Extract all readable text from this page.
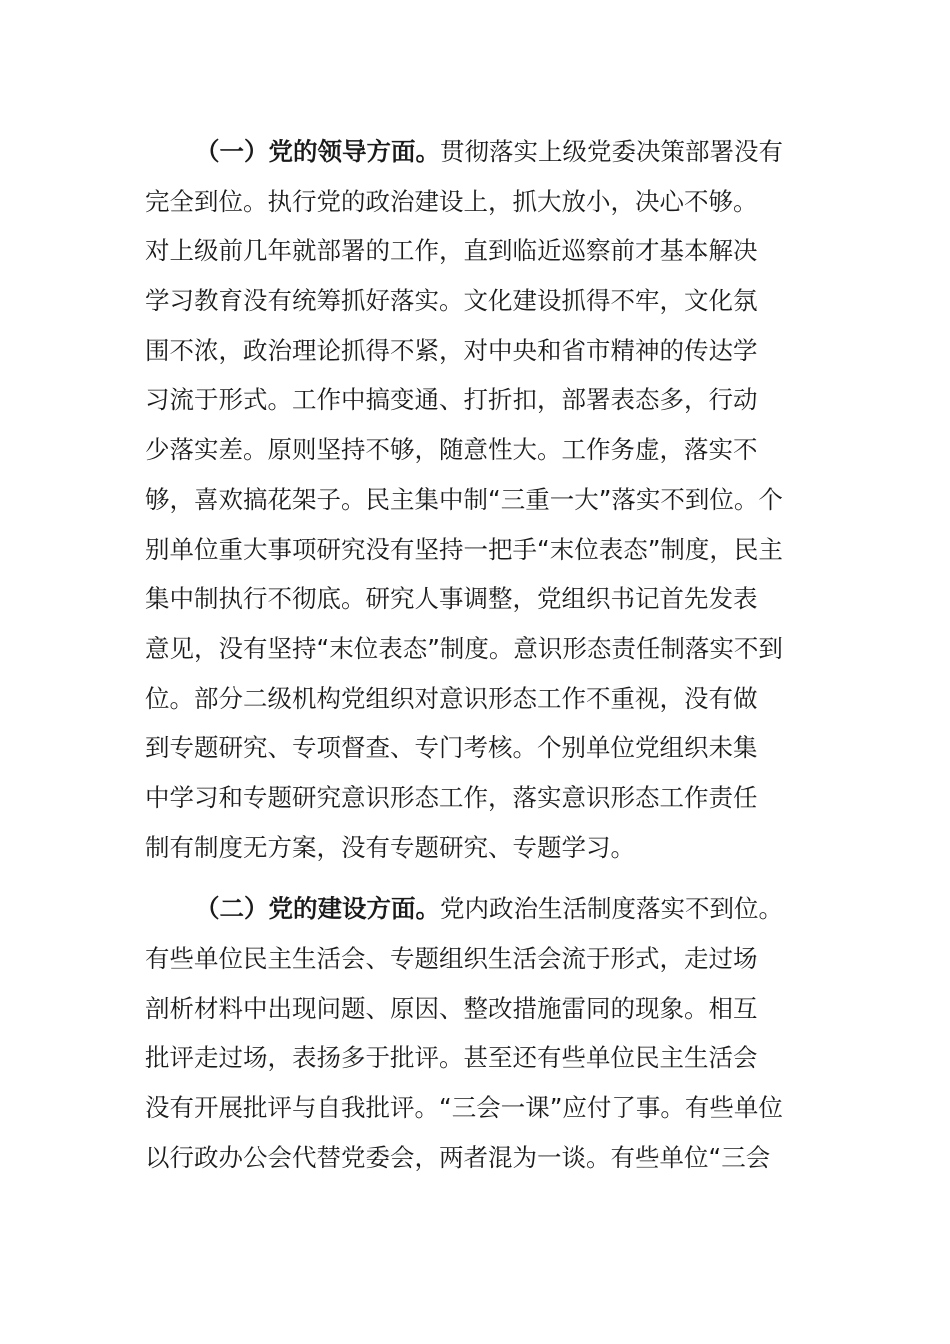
（一）党的领导方面。贯彻落实上级党委决策部署没有
完全到位。执行党的政治建设上，抓大放小，决心不够。
对上级前几年就部署的工作，直到临近巡察前才基本解决
学习教育没有统筹抓好落实。文化建设抓得不牢，文化氛
围不浓，政治理论抓得不紧，对中央和省市精神的传达学
习流于形式。工作中搞变通、打折扣，部署表态多，行动
少落实差。原则坚持不够，随意性大。工作务虚，落实不
够，喜欢搞花架子。民主集中制“三重一大”落实不到位。个
别单位重大事项研究没有坚持一把手“末位表态”制度，民主
集中制执行不彻底。研究人事调整，党组织书记首先发表
意见，没有坚持“末位表态”制度。意识形态责任制落实不到
位。部分二级机构党组织对意识形态工作不重视，没有做
到专题研究、专项督查、专门考核。个别单位党组织未集
中学习和专题研究意识形态工作，落实意识形态工作责任
制有制度无方案，没有专题研究、专题学习。
（二）党的建设方面。党内政治生活制度落实不到位。
有些单位民主生活会、专题组织生活会流于形式，走过场
剖析材料中出现问题、原因、整改措施雷同的现象。相互
批评走过场，表扬多于批评。甚至还有些单位民主生活会
没有开展批评与自我批评。“三会一课”应付了事。有些单位
以行政办公会代替党委会，两者混为一谈。有些单位“三会
